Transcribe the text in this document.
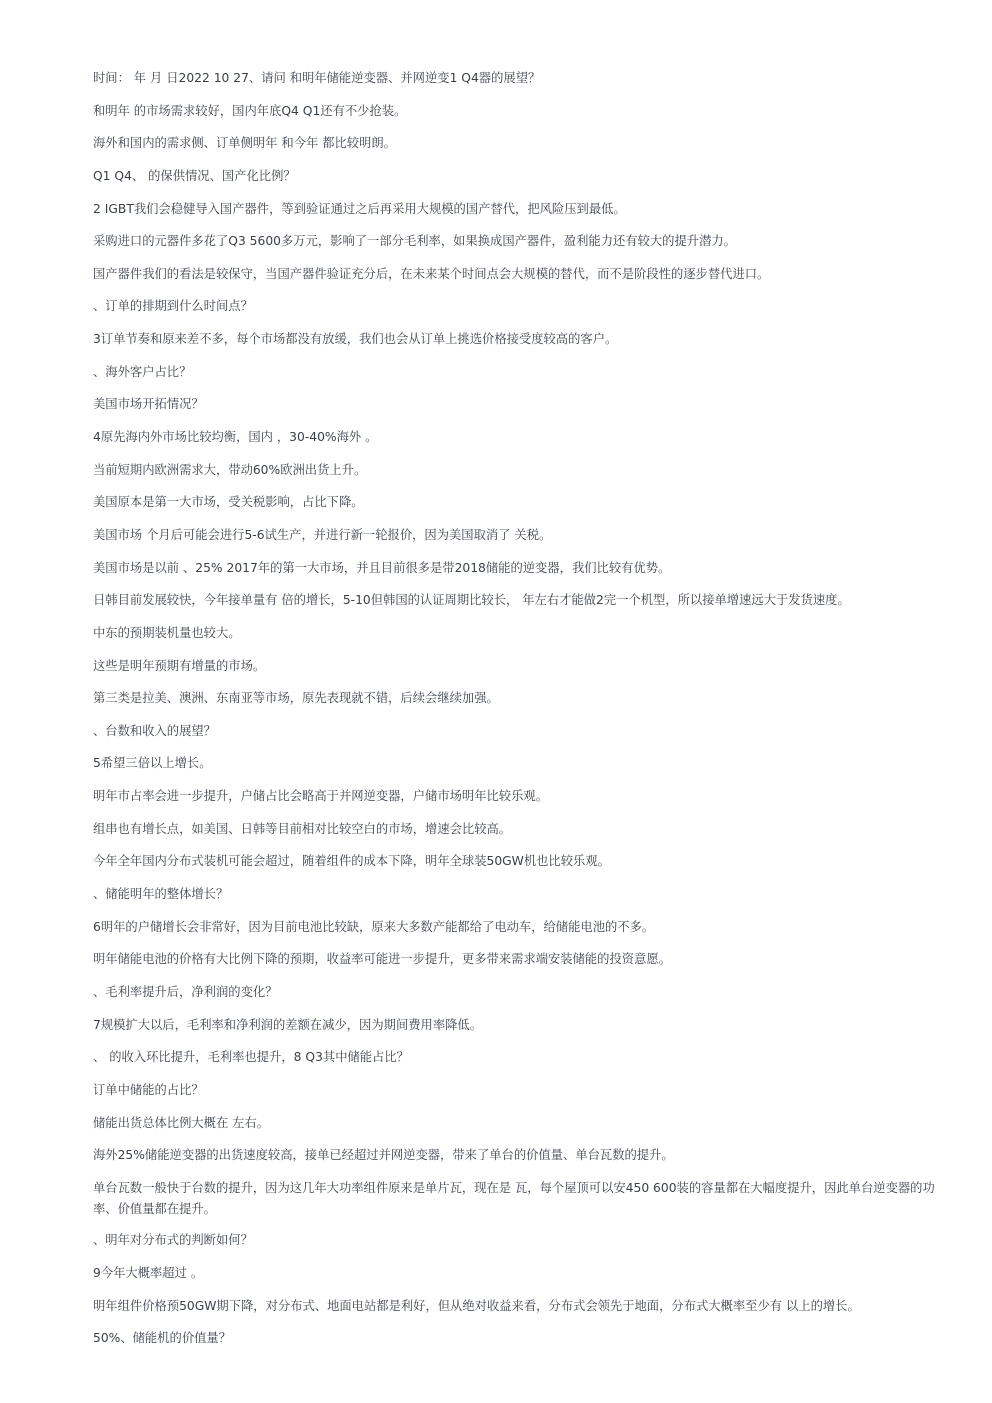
时间： 年 月 日2022 10 27、请问 和明年储能逆变器、并网逆变1 Q4器的展望？

和明年 的市场需求较好，国内年底Q4 Q1还有不少抢装。

海外和国内的需求侧、订单侧明年 和今年 都比较明朗。

Q1 Q4、 的保供情况、国产化比例？

2 IGBT我们会稳健导入国产器件，等到验证通过之后再采用大规模的国产替代，把风险压到最低。

采购进口的元器件多花了Q3 5600多万元，影响了一部分毛利率，如果换成国产器件，盈利能力还有较大的提升潜力。

国产器件我们的看法是较保守，当国产器件验证充分后，在未来某个时间点会大规模的替代，而不是阶段性的逐步替代进口。

、订单的排期到什么时间点？

3订单节奏和原来差不多，每个市场都没有放缓，我们也会从订单上挑选价格接受度较高的客户。

、海外客户占比？

美国市场开拓情况？

4原先海内外市场比较均衡，国内 ，30-40%海外 。

当前短期内欧洲需求大，带动60%欧洲出货上升。

美国原本是第一大市场，受关税影响，占比下降。

美国市场 个月后可能会进行5-6试生产，并进行新一轮报价，因为美国取消了 关税。

美国市场是以前 、25% 2017年的第一大市场，并且目前很多是带2018储能的逆变器，我们比较有优势。

日韩目前发展较快，今年接单量有 倍的增长，5-10但韩国的认证周期比较长， 年左右才能做2完一个机型，所以接单增速远大于发货速度。

中东的预期装机量也较大。

这些是明年预期有增量的市场。

第三类是拉美、澳洲、东南亚等市场，原先表现就不错，后续会继续加强。

、台数和收入的展望？

5希望三倍以上增长。

明年市占率会进一步提升，户储占比会略高于并网逆变器，户储市场明年比较乐观。

组串也有增长点，如美国、日韩等目前相对比较空白的市场，增速会比较高。

今年全年国内分布式装机可能会超过，随着组件的成本下降，明年全球装50GW机也比较乐观。

、储能明年的整体增长？

6明年的户储增长会非常好，因为目前电池比较缺，原来大多数产能都给了电动车，给储能电池的不多。

明年储能电池的价格有大比例下降的预期，收益率可能进一步提升，更多带来需求端安装储能的投资意愿。

、毛利率提升后，净利润的变化？

7规模扩大以后，毛利率和净利润的差额在减少，因为期间费用率降低。

、 的收入环比提升，毛利率也提升，8 Q3其中储能占比？

订单中储能的占比？

储能出货总体比例大概在 左右。

海外25%储能逆变器的出货速度较高，接单已经超过并网逆变器，带来了单台的价值量、单台瓦数的提升。

单台瓦数一般快于台数的提升，因为这几年大功率组件原来是单片瓦，现在是 瓦，每个屋顶可以安450 600装的容量都在大幅度提升，因此单台逆变器的功率、价值量都在提升。

、明年对分布式的判断如何？

9今年大概率超过 。

明年组件价格预50GW期下降，对分布式、地面电站都是利好，但从绝对收益来看，分布式会领先于地面，分布式大概率至少有 以上的增长。

50%、储能机的价值量？
